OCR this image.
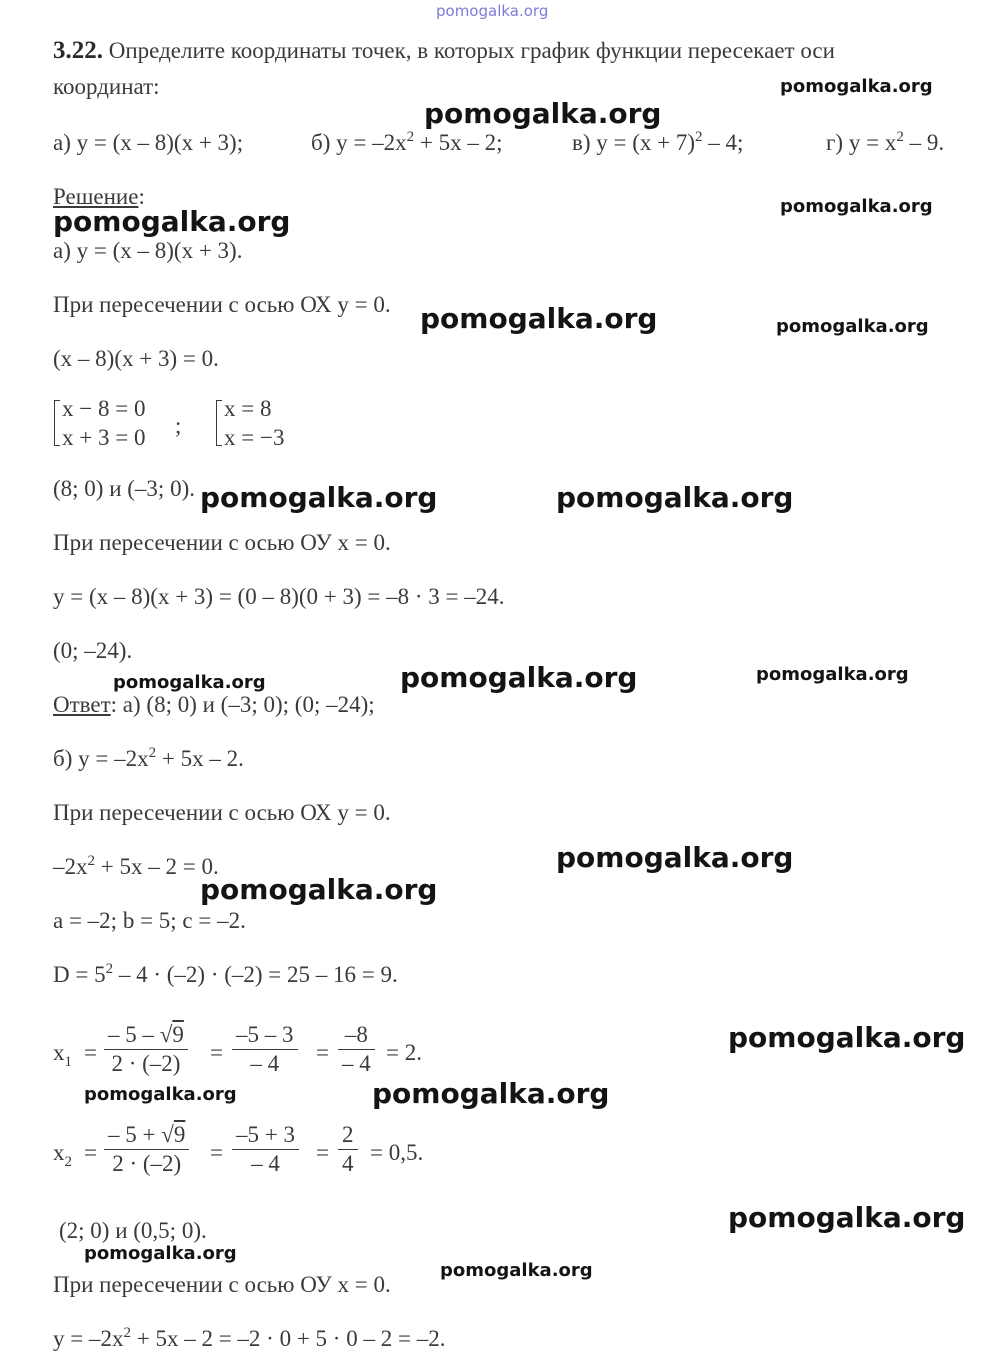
pomogalka.org
3.22. Определите координаты точек, в которых график функции пересекает оси
координат:
а) y = (x – 8)(x + 3);	б) $y = -2x^2 + 5x - 2$;	в) $y = (x + 7)^2 - 4$;	г) $y = x^2 - 9$.
Решение:
а) y = (x – 8)(x + 3).
При пересечении с осью ОХ y = 0.
(x – 8)(x + 3) = 0.
x − 8 = 0
x + 3 = 0 ;
x = 8
x = −3
(8; 0) и (–3; 0).
При пересечении с осью ОУ x = 0.
y = (x – 8)(x + 3) = (0 – 8)(0 + 3) = –8 · 3 = –24.
(0; –24).
Ответ: а) (8; 0) и (–3; 0); (0; –24);
б) $y = -2x^2 + 5x - 2$.
При пересечении с осью ОХ y = 0.
$-2x^2 + 5x - 2 = 0$.
a = –2; b = 5; c = –2.
$D = 5^2 - 4 \cdot (-2) \cdot (-2) = 25 - 16 = 9$.
$x_1$ =
– 5 – √9
2 · (–2)	=
–5 – 3
– 4	=
–8
– 4 = 2.
$x_2$ =
– 5 + √9
2 · (–2)	=
–5 + 3
– 4	=
2
4 = 0,5.
(2; 0) и (0,5; 0).
При пересечении с осью ОУ x = 0.
$y = -2x^2 + 5x - 2 = -2 \cdot 0 + 5 \cdot 0 - 2 = -2$.
pomogalka.org
pomogalka.org
pomogalka.org
pomogalka.org
pomogalka.org	pomogalka.org
pomogalka.org	pomogalka.org
pomogalka.org	pomogalka.org	pomogalka.org
pomogalka.org
pomogalka.org
pomogalka.org
pomogalka.org	pomogalka.org
pomogalka.org
pomogalka.org
pomogalka.org
